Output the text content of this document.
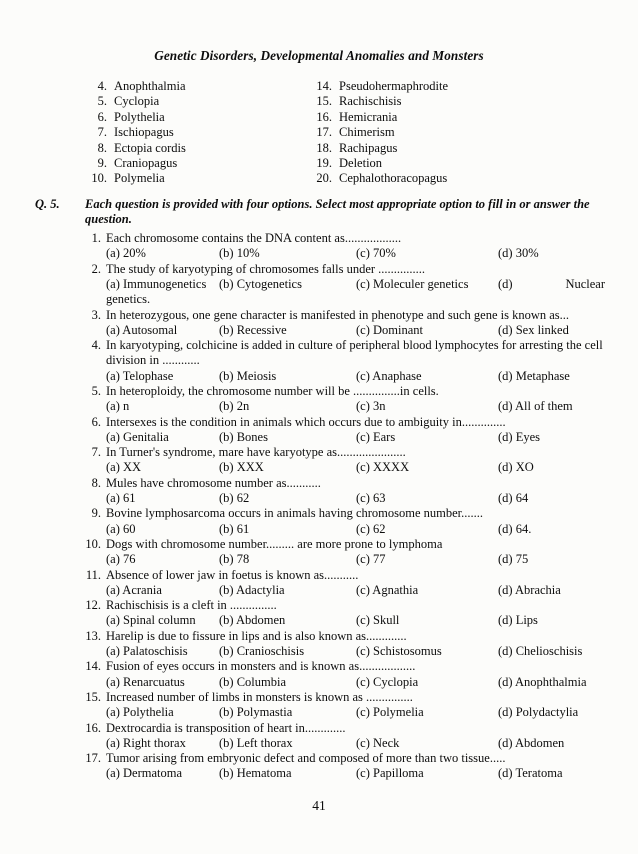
Genetic Disorders, Developmental Anomalies and Monsters
4. Anophthalmia
5. Cyclopia
6. Polythelia
7. Ischiopagus
8. Ectopia cordis
9. Craniopagus
10. Polymelia
14. Pseudohermaphrodite
15. Rachischisis
16. Hemicrania
17. Chimerism
18. Rachipagus
19. Deletion
20. Cephalothoracopagus
Q. 5.	Each question is provided with four options. Select most appropriate option to fill in or answer the question.
1. Each chromosome contains the DNA content as..................
(a) 20%	(b) 10%	(c) 70%	(d) 30%
2. The study of karyotyping of chromosomes falls under ...............
(a) Immunogenetics	(b) Cytogenetics	(c) Moleculer genetics	(d)	Nuclear
genetics.
3. In heterozygous, one gene character is manifested in phenotype and such gene is known as...
(a) Autosomal	(b) Recessive	(c) Dominant	(d) Sex linked
4. In karyotyping, colchicine is added in culture of peripheral blood lymphocytes for arresting the cell division in ............
(a) Telophase	(b) Meiosis	(c) Anaphase	(d) Metaphase
5. In heteroploidy, the chromosome number will be ...............in cells.
(a) n	(b) 2n	(c) 3n	(d) All of them
6. Intersexes is the condition in animals which occurs due to ambiguity in..............
(a) Genitalia	(b) Bones	(c) Ears	(d) Eyes
7. In Turner's syndrome, mare have karyotype as......................
(a) XX	(b) XXX	(c) XXXX	(d) XO
8. Mules have chromosome number as...........
(a) 61	(b) 62	(c) 63	(d) 64
9. Bovine lymphosarcoma occurs in animals having chromosome number.......
(a) 60	(b) 61	(c) 62	(d) 64.
10. Dogs with chromosome number......... are more prone to lymphoma
(a) 76	(b) 78	(c) 77	(d) 75
11. Absence of lower jaw in foetus is known as...........
(a) Acrania	(b) Adactylia	(c) Agnathia	(d) Abrachia
12. Rachischisis is a cleft in ...............
(a) Spinal column	(b) Abdomen	(c) Skull	(d) Lips
13. Harelip is due to fissure in lips and is also known as.............
(a) Palatoschisis	(b) Cranioschisis	(c) Schistosomus	(d) Chelioschisis
14. Fusion of eyes occurs in monsters and is known as..................
(a) Renarcuatus	(b) Columbia	(c) Cyclopia	(d) Anophthalmia
15. Increased number of limbs in monsters is known as ...............
(a) Polythelia	(b) Polymastia	(c) Polymelia	(d) Polydactylia
16. Dextrocardia is transposition of heart in.............
(a) Right thorax	(b) Left thorax	(c) Neck	(d) Abdomen
17. Tumor arising from embryonic defect and composed of more than two tissue.....
(a) Dermatoma	(b) Hematoma	(c) Papilloma	(d) Teratoma
41
